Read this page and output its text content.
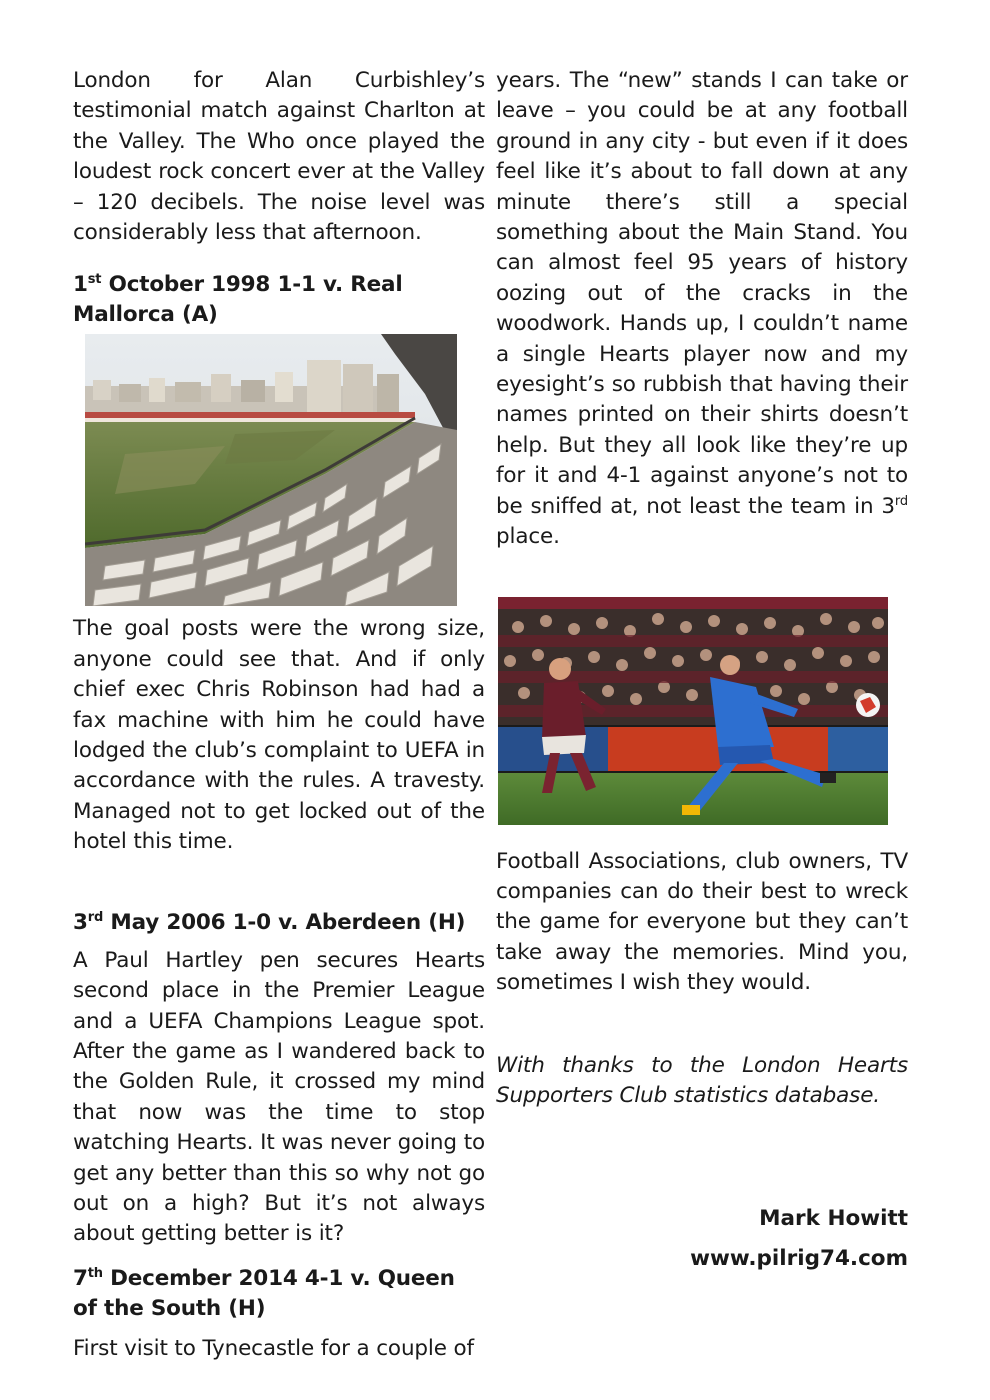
London for Alan Curbishley’s testimonial match against Charlton at the Valley. The Who once played the loudest rock concert ever at the Valley – 120 decibels. The noise level was considerably less that afternoon.

1st October 1998 1-1 v. Real Mallorca (A)

The goal posts were the wrong size, anyone could see that. And if only chief exec Chris Robinson had had a fax machine with him he could have lodged the club’s complaint to UEFA in accordance with the rules. A travesty. Managed not to get locked out of the hotel this time.

3rd May 2006 1-0 v. Aberdeen (H)

A Paul Hartley pen secures Hearts second place in the Premier League and a UEFA Champions League spot. After the game as I wandered back to the Golden Rule, it crossed my mind that now was the time to stop watching Hearts. It was never going to get any better than this so why not go out on a high? But it’s not always about getting better is it?

7th December 2014 4-1 v. Queen of the South (H)

First visit to Tynecastle for a couple of

years. The “new” stands I can take or leave – you could be at any football ground in any city - but even if it does feel like it’s about to fall down at any minute there’s still a special something about the Main Stand. You can almost feel 95 years of history oozing out of the cracks in the woodwork. Hands up, I couldn’t name a single Hearts player now and my eyesight’s so rubbish that having their names printed on their shirts doesn’t help. But they all look like they’re up for it and 4-1 against anyone’s not to be sniffed at, not least the team in 3rd place.

Football Associations, club owners, TV companies can do their best to wreck the game for everyone but they can’t take away the memories. Mind you, sometimes I wish they would.

With thanks to the London Hearts Supporters Club statistics database.

Mark Howitt
www.pilrig74.com
